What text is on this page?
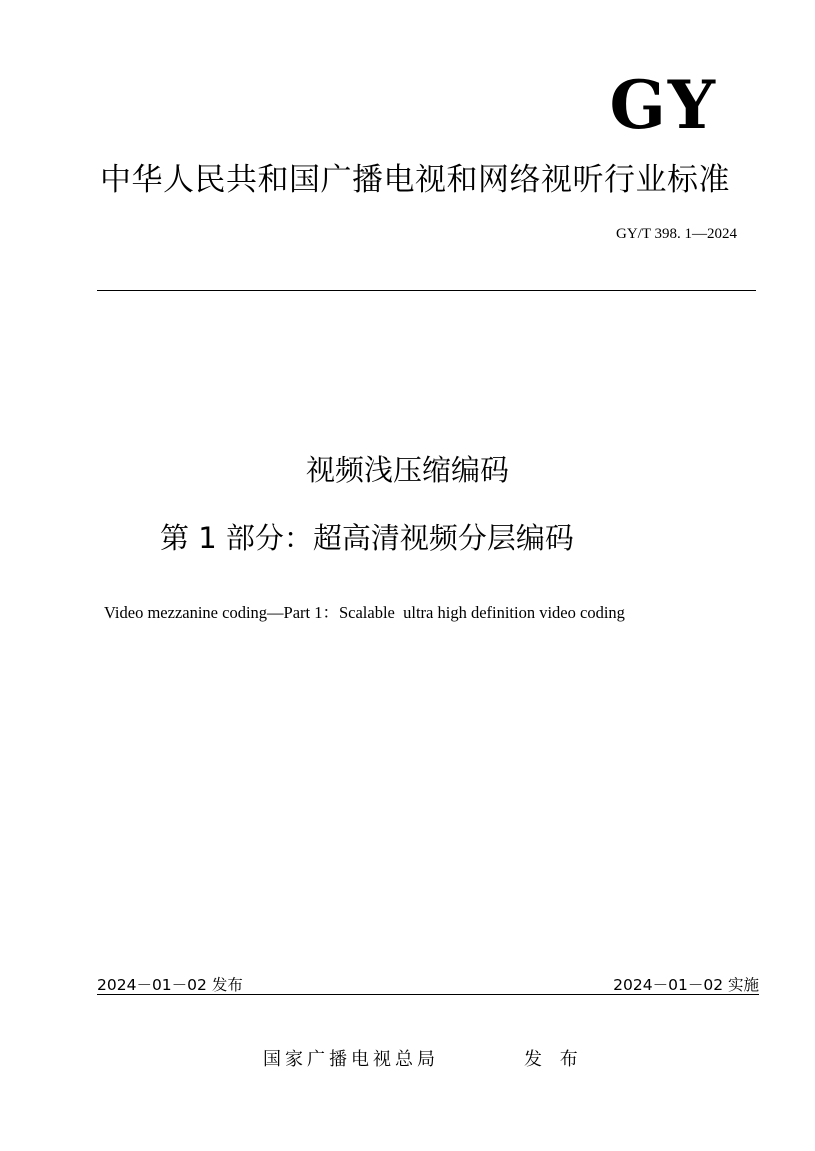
GY
中华人民共和国广播电视和网络视听行业标准
GY/T 398. 1—2024
视频浅压缩编码
第 1 部分：超高清视频分层编码
Video mezzanine coding—Part 1：Scalable  ultra high definition video coding
2024－01－02 发布	2024－01－02 实施
国家广播电视总局	发 布
